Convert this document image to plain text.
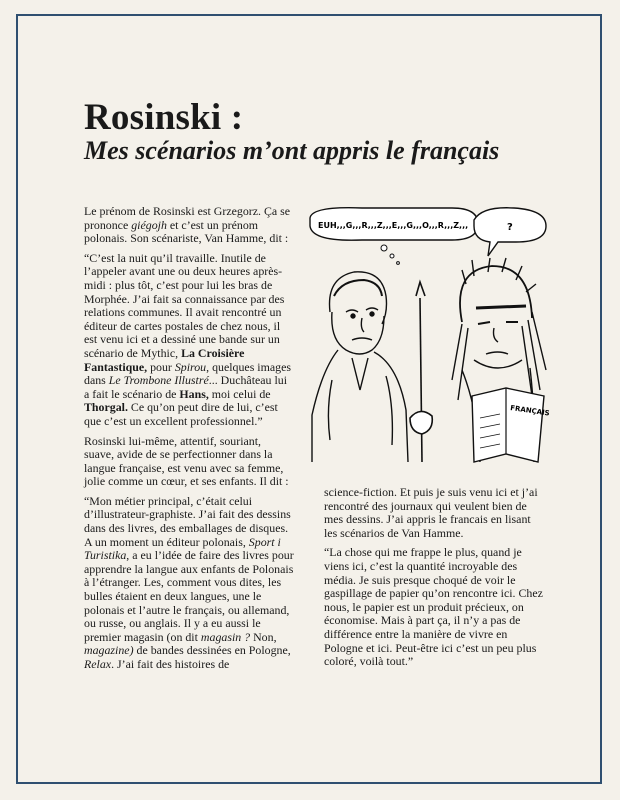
Rosinski :
Mes scénarios m’ont appris le français

Le prénom de Rosinski est Grzegorz. Ça se prononce giégojh et c’est un prénom polonais. Son scénariste, Van Hamme, dit :

“C’est la nuit qu’il travaille. Inutile de l’appeler avant une ou deux heures après-midi : plus tôt, c’est pour lui les bras de Morphée. J’ai fait sa connaissance par des relations communes. Il avait rencontré un éditeur de cartes postales de chez nous, il est venu ici et a dessiné une bande sur un scénario de Mythic, La Croisière Fantastique, pour Spirou, quelques images dans Le Trombone Illustré... Duchâteau lui a fait le scénario de Hans, moi celui de Thorgal. Ce qu’on peut dire de lui, c’est que c’est un excellent professionnel.”

Rosinski lui-même, attentif, souriant, suave, avide de se perfectionner dans la langue française, est venu avec sa femme, jolie comme un cœur, et ses enfants. Il dit :

“Mon métier principal, c’était celui d’illustrateur-graphiste. J’ai fait des dessins dans des livres, des emballages de disques. A un moment un éditeur polonais, Sport i Turistika, a eu l’idée de faire des livres pour apprendre la langue aux enfants de Polonais à l’étranger. Les, comment vous dites, les bulles étaient en deux langues, une le polonais et l’autre le français, ou allemand, ou russe, ou anglais. Il y a eu aussi le premier magasin (on dit magasin ? Non, magazine) de bandes dessinées en Pologne, Relax. J’ai fait des histoires de

EUH,,,G,,,R,,,Z,,,E,,,G,,,O,,,R,,,Z,,,	?
FRANÇAIS

science-fiction. Et puis je suis venu ici et j’ai rencontré des journaux qui veulent bien de mes dessins. J’ai appris le francais en lisant les scénarios de Van Hamme.

“La chose qui me frappe le plus, quand je viens ici, c’est la quantité incroyable des média. Je suis presque choqué de voir le gaspillage de papier qu’on rencontre ici. Chez nous, le papier est un produit précieux, on économise. Mais à part ça, il n’y a pas de différence entre la manière de vivre en Pologne et ici. Peut-être ici c’est un peu plus coloré, voilà tout.”
